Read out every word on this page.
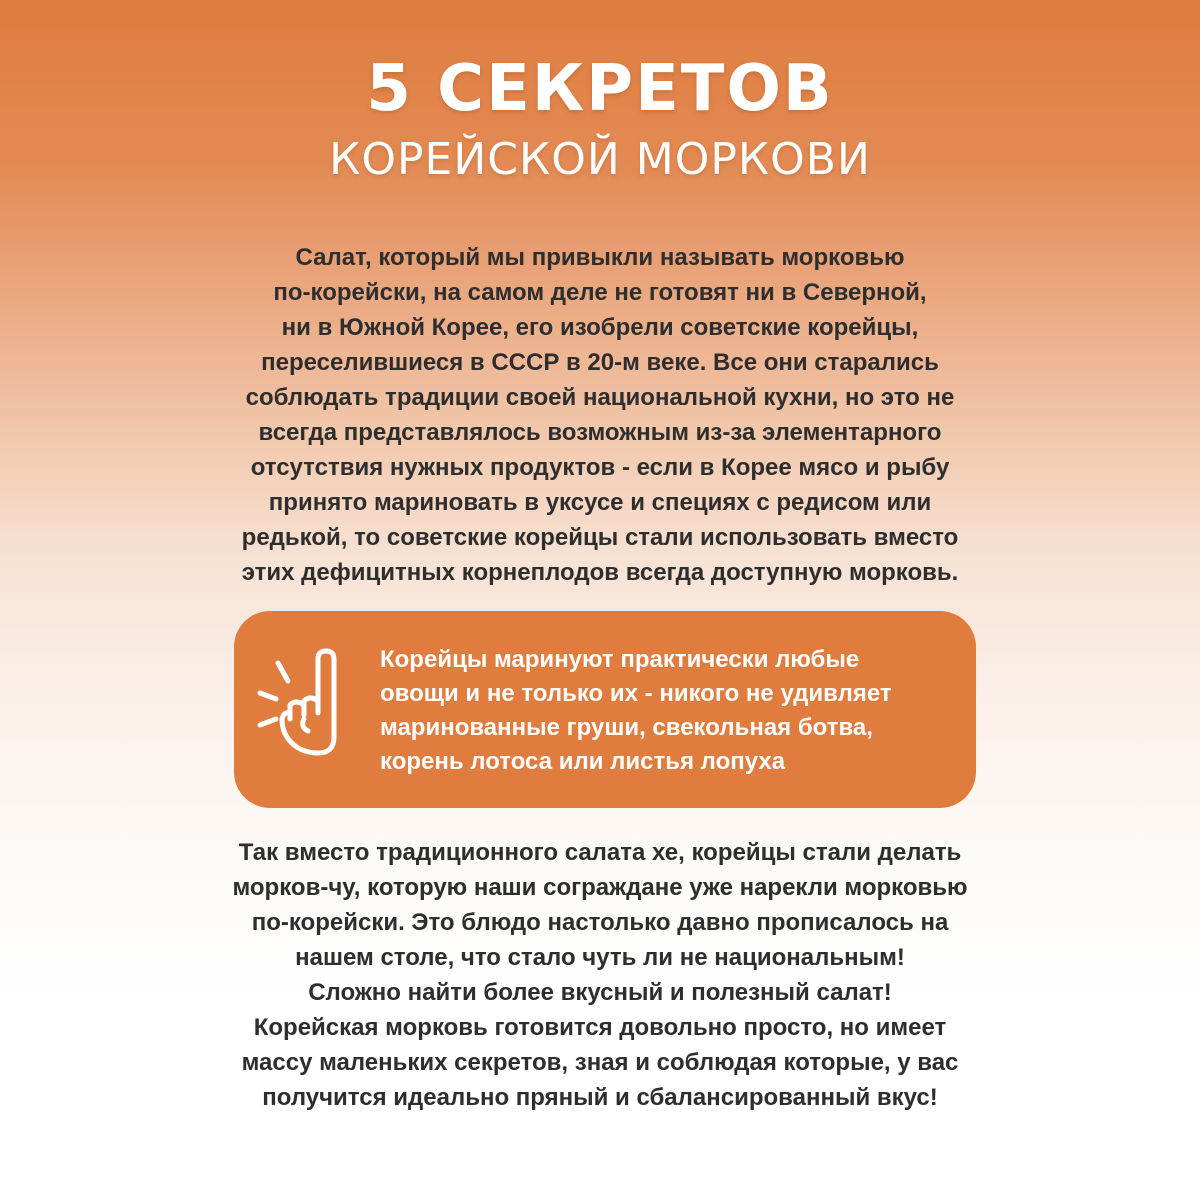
5 СЕКРЕТОВ
КОРЕЙСКОЙ МОРКОВИ

Салат, который мы привыкли называть морковью
по-корейски, на самом деле не готовят ни в Северной,
ни в Южной Корее, его изобрели советские корейцы,
переселившиеся в СССР в 20-м веке. Все они старались
соблюдать традиции своей национальной кухни, но это не
всегда представлялось возможным из-за элементарного
отсутствия нужных продуктов - если в Корее мясо и рыбу
принято мариновать в уксусе и специях с редисом или
редькой, то советские корейцы стали использовать вместо
этих дефицитных корнеплодов всегда доступную морковь.

Корейцы маринуют практически любые
овощи и не только их - никого не удивляет
маринованные груши, свекольная ботва,
корень лотоса или листья лопуха

Так вместо традиционного салата хе, корейцы стали делать
морков-чу, которую наши сограждане уже нарекли морковью
по-корейски. Это блюдо настолько давно прописалось на
нашем столе, что стало чуть ли не национальным!
Сложно найти более вкусный и полезный салат!
Корейская морковь готовится довольно просто, но имеет
массу маленьких секретов, зная и соблюдая которые, у вас
получится идеально пряный и сбалансированный вкус!
